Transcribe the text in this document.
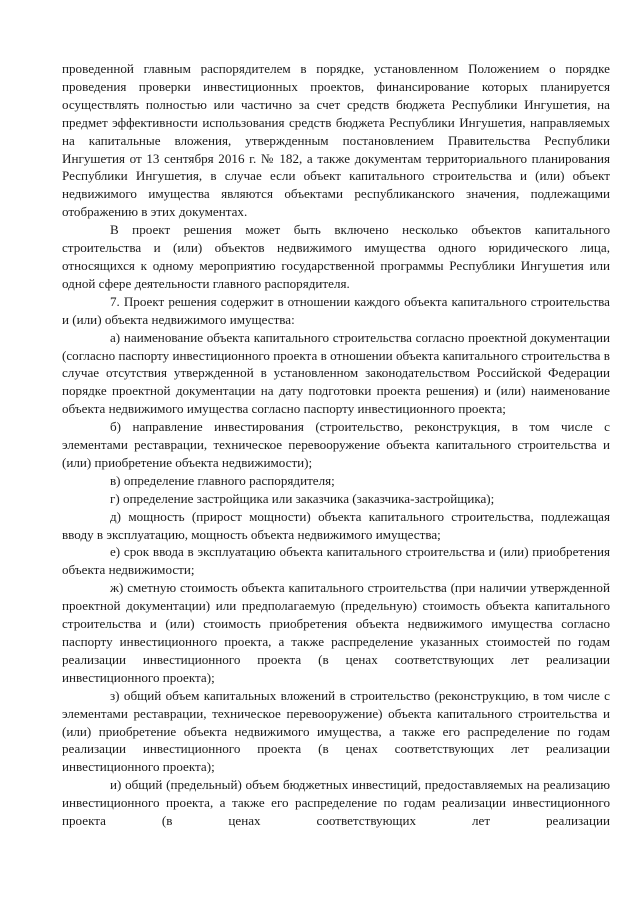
проведенной главным распорядителем в порядке, установленном Положением о порядке проведения проверки инвестиционных проектов, финансирование которых планируется осуществлять полностью или частично за счет средств бюджета Республики Ингушетия, на предмет эффективности использования средств бюджета Республики Ингушетия, направляемых на капитальные вложения, утвержденным постановлением Правительства Республики Ингушетия от 13 сентября 2016 г. № 182, а также документам территориального планирования Республики Ингушетия, в случае если объект капитального строительства и (или) объект недвижимого имущества являются объектами республиканского значения, подлежащими отображению в этих документах.

В проект решения может быть включено несколько объектов капитального строительства и (или) объектов недвижимого имущества одного юридического лица, относящихся к одному мероприятию государственной программы Республики Ингушетия или одной сфере деятельности главного распорядителя.

7. Проект решения содержит в отношении каждого объекта капитального строительства и (или) объекта недвижимого имущества:

а) наименование объекта капитального строительства согласно проектной документации (согласно паспорту инвестиционного проекта в отношении объекта капитального строительства в случае отсутствия утвержденной в установленном законодательством Российской Федерации порядке проектной документации на дату подготовки проекта решения) и (или) наименование объекта недвижимого имущества согласно паспорту инвестиционного проекта;

б) направление инвестирования (строительство, реконструкция, в том числе с элементами реставрации, техническое перевооружение объекта капитального строительства и (или) приобретение объекта недвижимости);

в) определение главного распорядителя;

г) определение застройщика или заказчика (заказчика-застройщика);

д) мощность (прирост мощности) объекта капитального строительства, подлежащая вводу в эксплуатацию, мощность объекта недвижимого имущества;

е) срок ввода в эксплуатацию объекта капитального строительства и (или) приобретения объекта недвижимости;

ж) сметную стоимость объекта капитального строительства (при наличии утвержденной проектной документации) или предполагаемую (предельную) стоимость объекта капитального строительства и (или) стоимость приобретения объекта недвижимого имущества согласно паспорту инвестиционного проекта, а также распределение указанных стоимостей по годам реализации инвестиционного проекта (в ценах соответствующих лет реализации инвестиционного проекта);

з) общий объем капитальных вложений в строительство (реконструкцию, в том числе с элементами реставрации, техническое перевооружение) объекта капитального строительства и (или) приобретение объекта недвижимого имущества, а также его распределение по годам реализации инвестиционного проекта (в ценах соответствующих лет реализации инвестиционного проекта);

и) общий (предельный) объем бюджетных инвестиций, предоставляемых на реализацию инвестиционного проекта, а также его распределение по годам реализации инвестиционного проекта (в ценах соответствующих лет реализации
